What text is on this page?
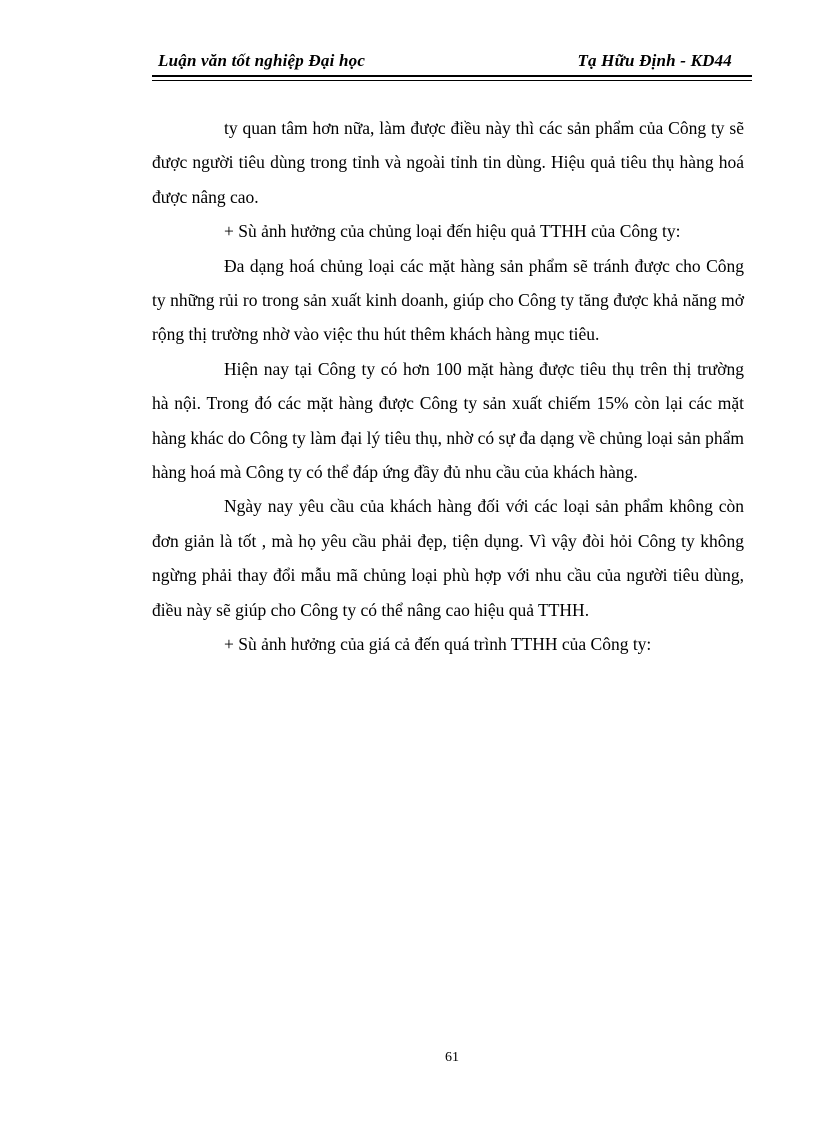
Luận văn tốt nghiệp Đại học	Tạ Hữu Định - KD44

ty quan tâm hơn nữa, làm được điều này thì các sản phẩm của Công ty sẽ được người tiêu dùng trong tỉnh và ngoài tỉnh tin dùng. Hiệu quả tiêu thụ hàng hoá được nâng cao.

+ Sù ảnh hưởng của chủng loại đến hiệu quả TTHH của Công ty:

Đa dạng hoá chủng loại các mặt hàng sản phẩm sẽ tránh được cho Công ty những rủi ro trong sản xuất kinh doanh, giúp cho Công ty tăng được khả năng mở rộng thị trường nhờ vào việc thu hút thêm khách hàng mục tiêu.

Hiện nay tại Công ty có hơn 100 mặt hàng được tiêu thụ trên thị trường hà nội. Trong đó các mặt hàng được Công ty sản xuất chiếm 15% còn lại các mặt hàng khác do Công ty làm đại lý tiêu thụ, nhờ có sự đa dạng về chủng loại sản phẩm hàng hoá mà Công ty có thể đáp ứng đầy đủ nhu cầu của khách hàng.

Ngày nay yêu cầu của khách hàng đối với các loại sản phẩm không còn đơn giản là tốt , mà họ yêu cầu phải đẹp, tiện dụng. Vì vậy đòi hỏi Công ty không ngừng phải thay đổi mẫu mã chủng loại phù hợp với nhu cầu của người tiêu dùng, điều này sẽ giúp cho Công ty có thể nâng cao hiệu quả TTHH.

+ Sù ảnh hưởng của giá cả đến quá trình TTHH của Công ty:

61
